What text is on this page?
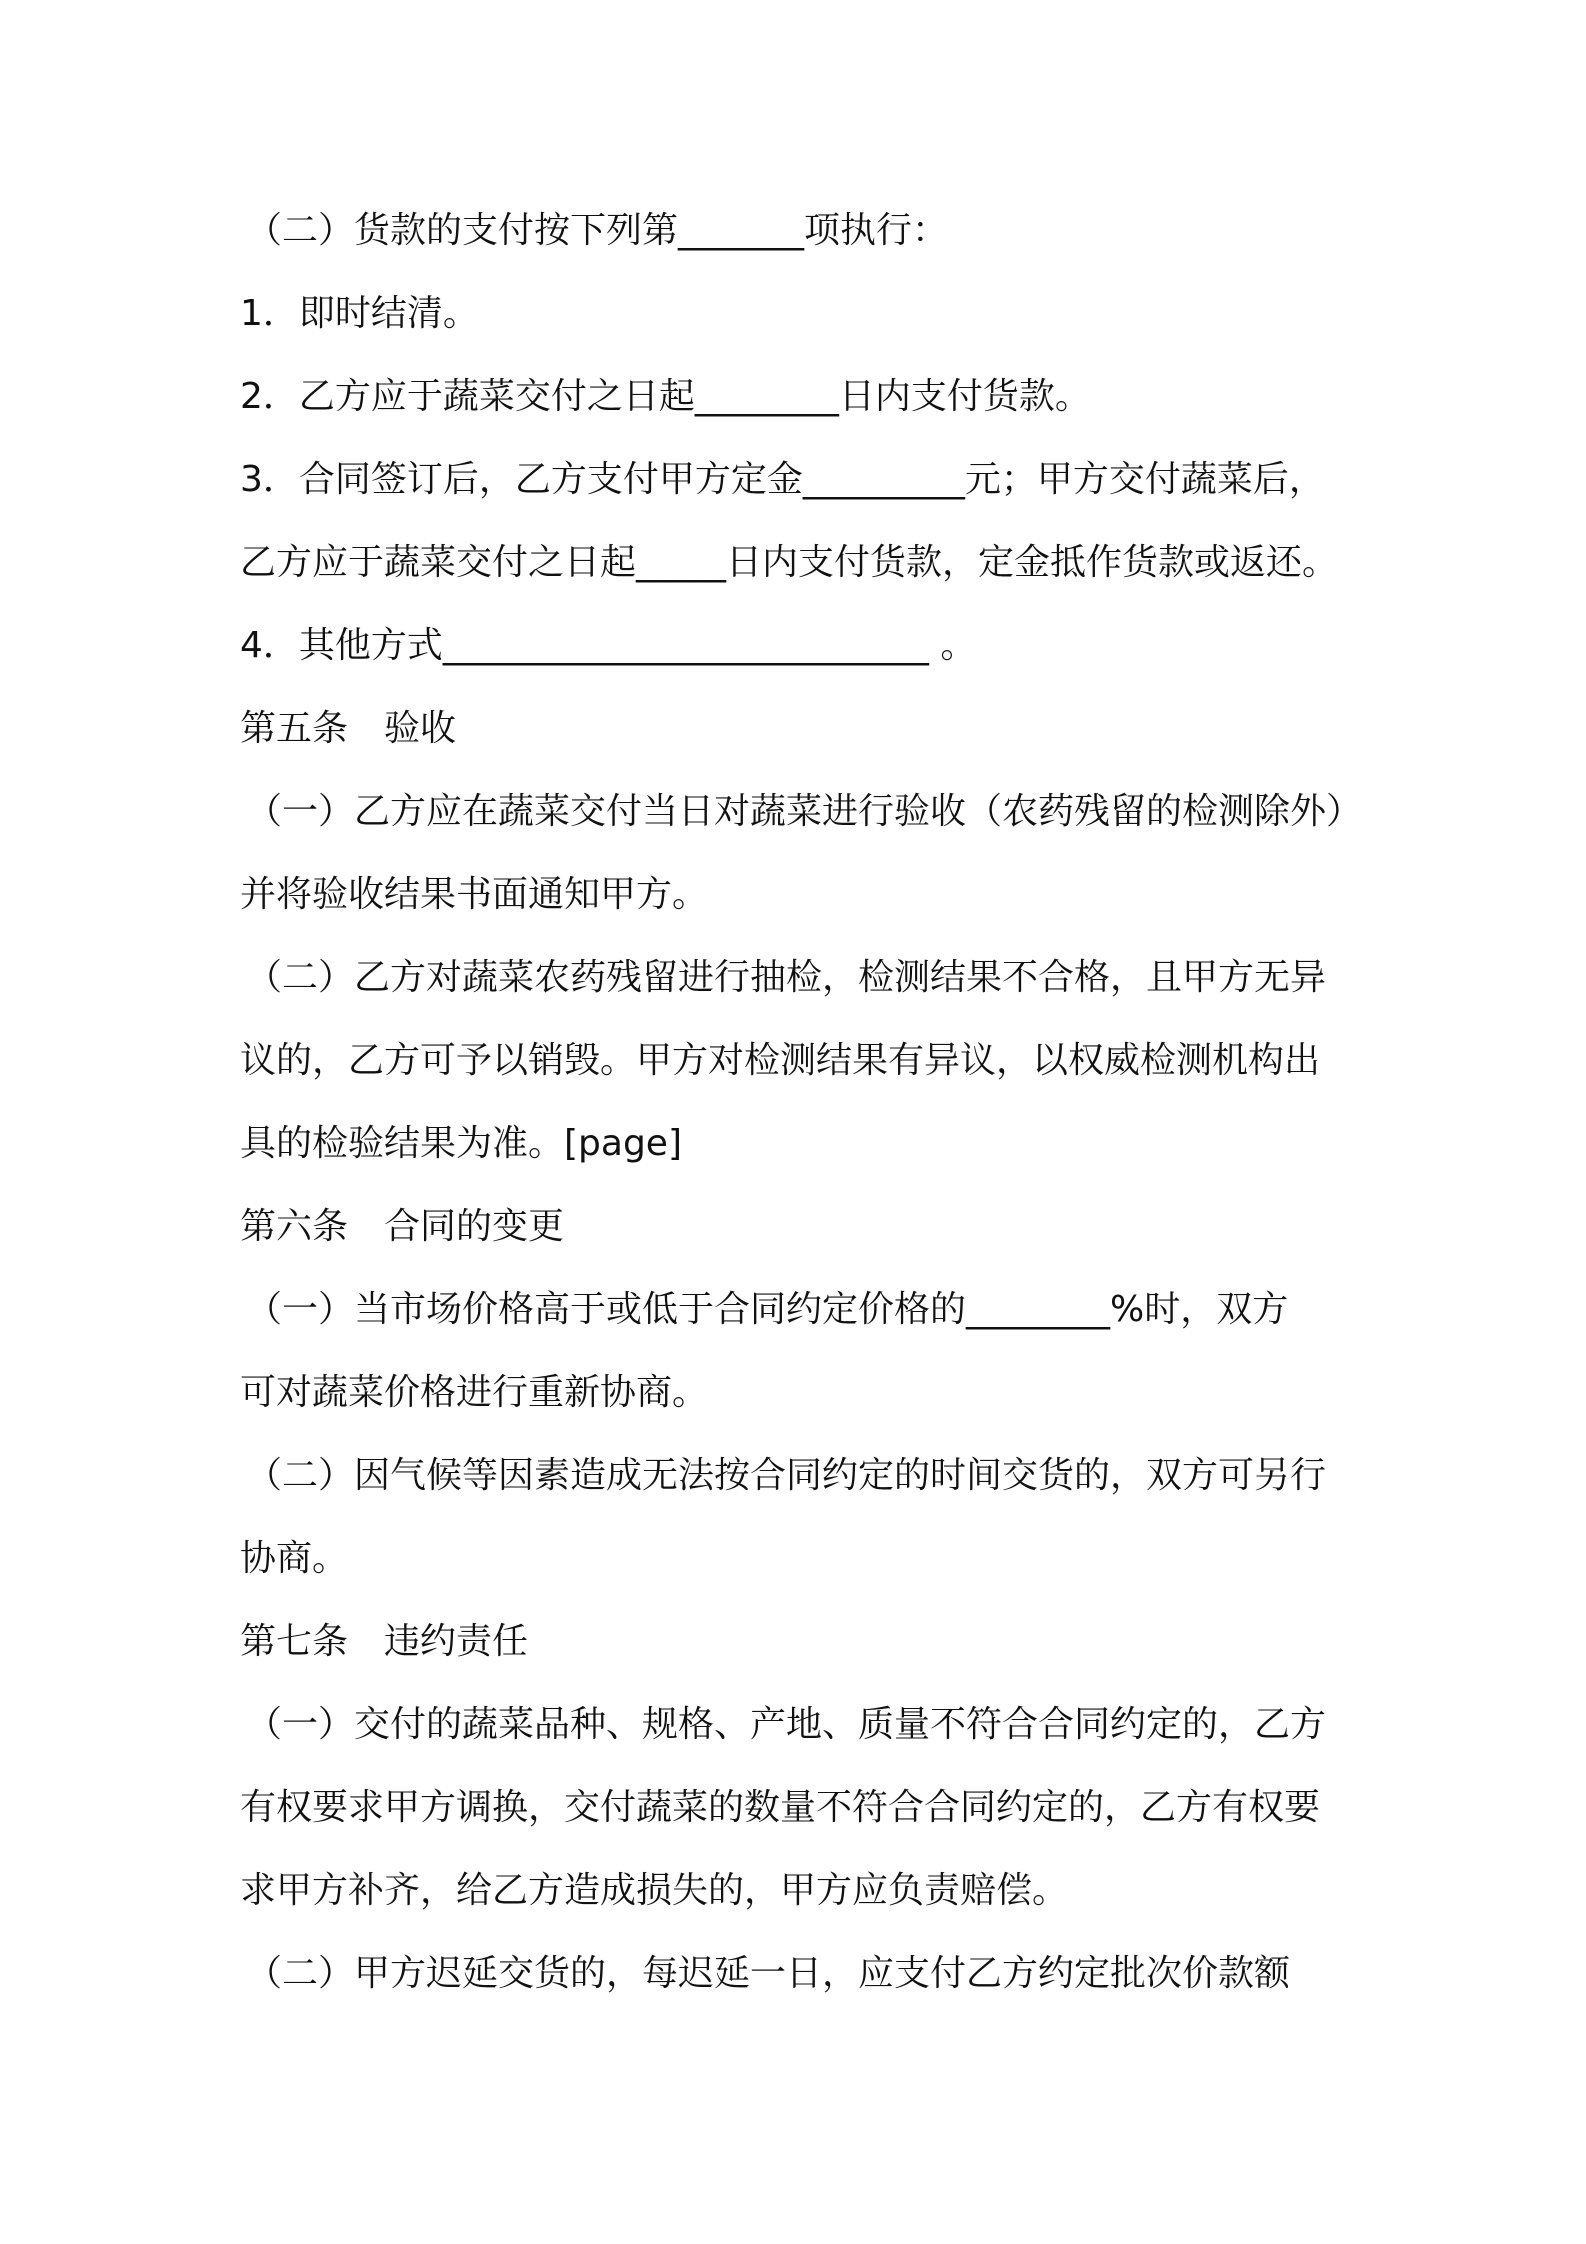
（二）货款的支付按下列第_______项执行：
1．即时结清。
2．乙方应于蔬菜交付之日起________日内支付货款。
3．合同签订后，乙方支付甲方定金_________元；甲方交付蔬菜后，
乙方应于蔬菜交付之日起_____日内支付货款，定金抵作货款或返还。
4．其他方式___________________________ 。
第五条　验收
（一）乙方应在蔬菜交付当日对蔬菜进行验收（农药残留的检测除外）
并将验收结果书面通知甲方。
（二）乙方对蔬菜农药残留进行抽检，检测结果不合格，且甲方无异
议的，乙方可予以销毁。甲方对检测结果有异议，以权威检测机构出
具的检验结果为准。[page]
第六条　合同的变更
（一）当市场价格高于或低于合同约定价格的________%时，双方
可对蔬菜价格进行重新协商。
（二）因气候等因素造成无法按合同约定的时间交货的，双方可另行
协商。
第七条　违约责任
（一）交付的蔬菜品种、规格、产地、质量不符合合同约定的，乙方
有权要求甲方调换，交付蔬菜的数量不符合合同约定的，乙方有权要
求甲方补齐，给乙方造成损失的，甲方应负责赔偿。
（二）甲方迟延交货的，每迟延一日，应支付乙方约定批次价款额
